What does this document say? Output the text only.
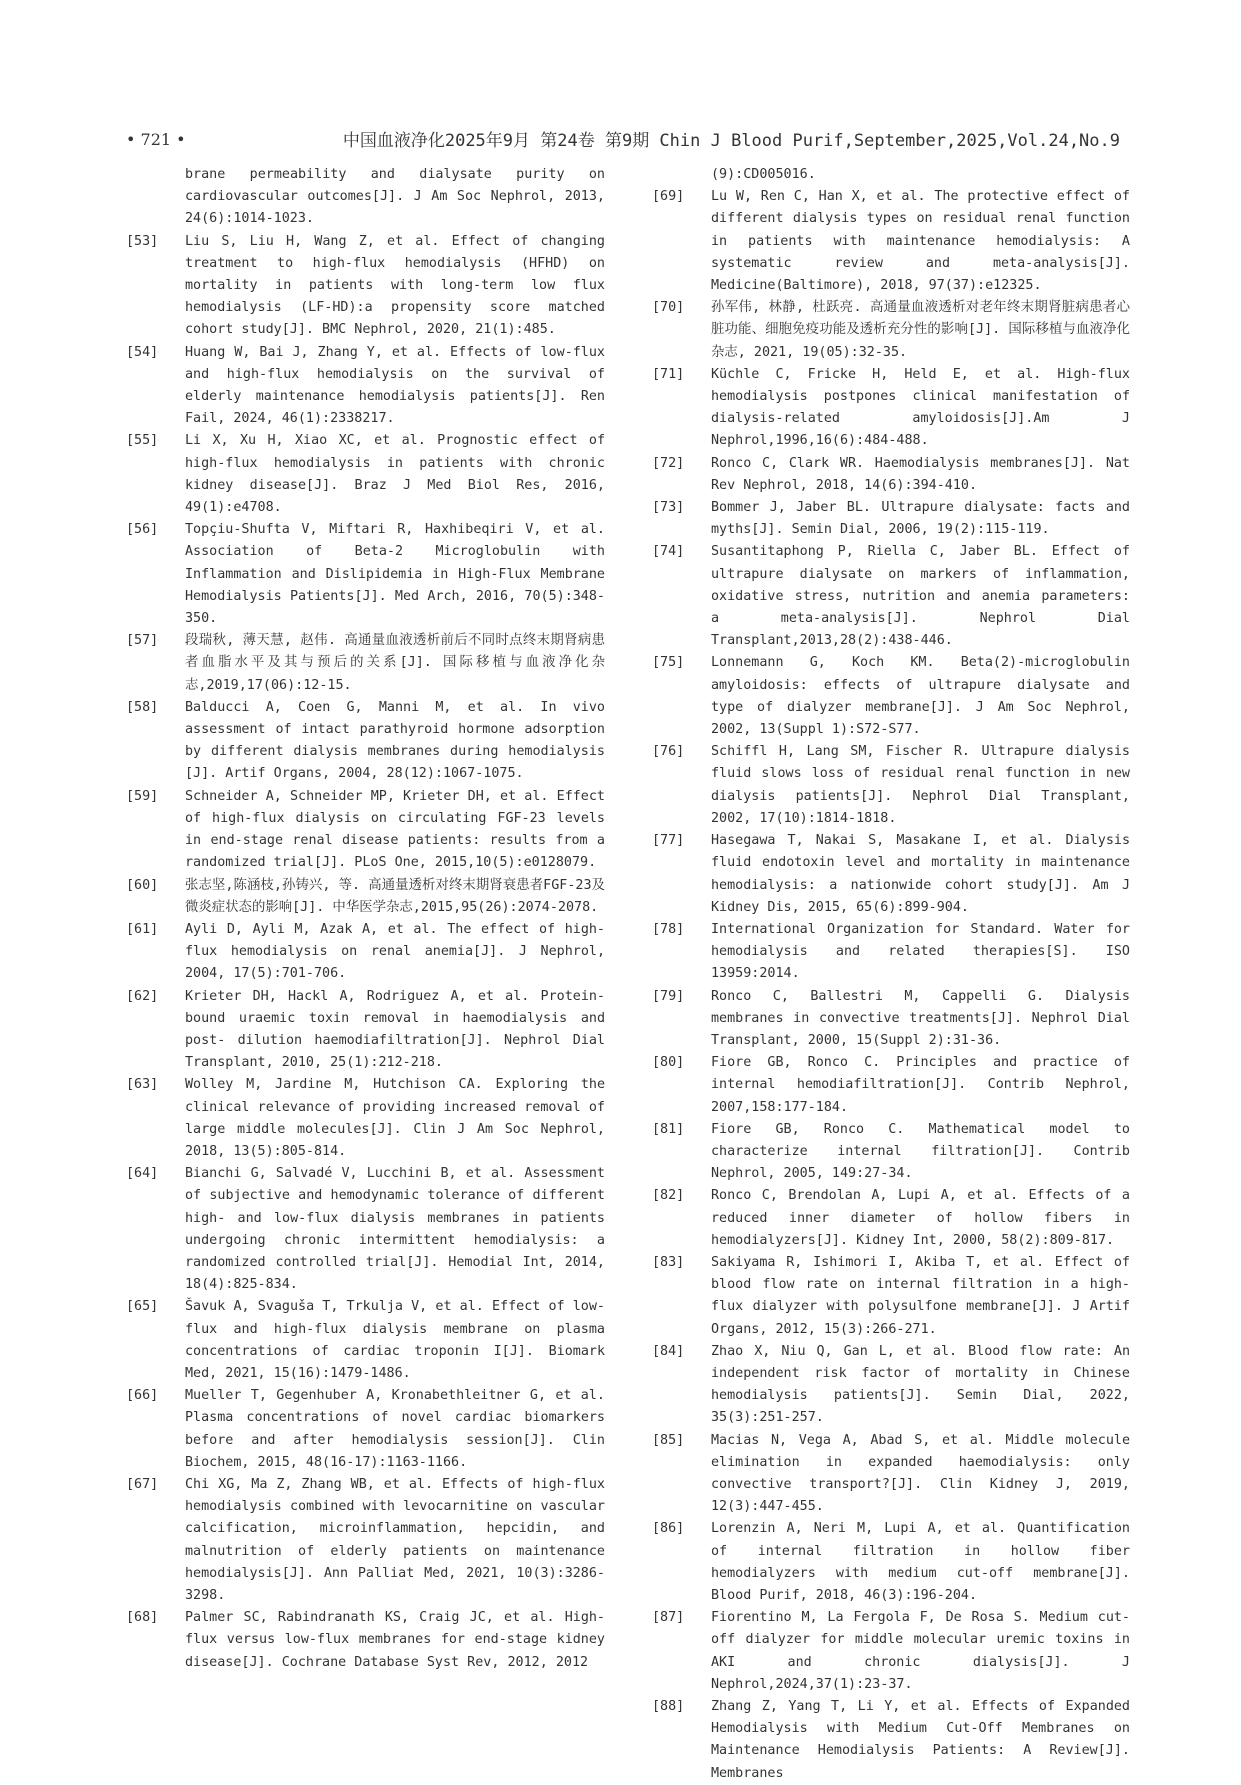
• 721 •	中国血液净化2025年9月 第24卷 第9期 Chin J Blood Purif,September,2025,Vol.24,No.9
brane permeability and dialysate purity on cardiovascular outcomes[J]. J Am Soc Nephrol, 2013, 24(6):1014-1023.
[53]	Liu S, Liu H, Wang Z, et al. Effect of changing treatment to high-flux hemodialysis (HFHD) on mortality in patients with long-term low flux hemodialysis (LF-HD):a propensity score matched cohort study[J]. BMC Nephrol, 2020, 21(1):485.
[54]	Huang W, Bai J, Zhang Y, et al. Effects of low-flux and high-flux hemodialysis on the survival of elderly maintenance hemodialysis patients[J]. Ren Fail, 2024, 46(1):2338217.
[55]	Li X, Xu H, Xiao XC, et al. Prognostic effect of high-flux hemodialysis in patients with chronic kidney disease[J]. Braz J Med Biol Res, 2016, 49(1):e4708.
[56]	Topçiu-Shufta V, Miftari R, Haxhibeqiri V, et al. Association of Beta-2 Microglobulin with Inflammation and Dislipidemia in High-Flux Membrane Hemodialysis Patients[J]. Med Arch, 2016, 70(5):348-350.
[57]	段瑞秋, 薄天慧, 赵伟. 高通量血液透析前后不同时点终末期肾病患者血脂水平及其与预后的关系[J]. 国际移植与血液净化杂志,2019,17(06):12-15.
[58]	Balducci A, Coen G, Manni M, et al. In vivo assessment of intact parathyroid hormone adsorption by different dialysis membranes during hemodialysis [J]. Artif Organs, 2004, 28(12):1067-1075.
[59]	Schneider A, Schneider MP, Krieter DH, et al. Effect of high-flux dialysis on circulating FGF-23 levels in end-stage renal disease patients: results from a randomized trial[J]. PLoS One, 2015,10(5):e0128079.
[60]	张志坚,陈涵枝,孙铸兴, 等. 高通量透析对终末期肾衰患者FGF-23及微炎症状态的影响[J]. 中华医学杂志,2015,95(26):2074-2078.
[61]	Ayli D, Ayli M, Azak A, et al. The effect of high-flux hemodialysis on renal anemia[J]. J Nephrol, 2004, 17(5):701-706.
[62]	Krieter DH, Hackl A, Rodriguez A, et al. Protein-bound uraemic toxin removal in haemodialysis and post- dilution haemodiafiltration[J]. Nephrol Dial Transplant, 2010, 25(1):212-218.
[63]	Wolley M, Jardine M, Hutchison CA. Exploring the clinical relevance of providing increased removal of large middle molecules[J]. Clin J Am Soc Nephrol, 2018, 13(5):805-814.
[64]	Bianchi G, Salvadé V, Lucchini B, et al. Assessment of subjective and hemodynamic tolerance of different high- and low-flux dialysis membranes in patients undergoing chronic intermittent hemodialysis: a randomized controlled trial[J]. Hemodial Int, 2014, 18(4):825-834.
[65]	Šavuk A, Svaguša T, Trkulja V, et al. Effect of low-flux and high-flux dialysis membrane on plasma concentrations of cardiac troponin I[J]. Biomark Med, 2021, 15(16):1479-1486.
[66]	Mueller T, Gegenhuber A, Kronabethleitner G, et al. Plasma concentrations of novel cardiac biomarkers before and after hemodialysis session[J]. Clin Biochem, 2015, 48(16-17):1163-1166.
[67]	Chi XG, Ma Z, Zhang WB, et al. Effects of high-flux hemodialysis combined with levocarnitine on vascular calcification, microinflammation, hepcidin, and malnutrition of elderly patients on maintenance hemodialysis[J]. Ann Palliat Med, 2021, 10(3):3286-3298.
[68]	Palmer SC, Rabindranath KS, Craig JC, et al. High-flux versus low-flux membranes for end-stage kidney disease[J]. Cochrane Database Syst Rev, 2012, 2012
(9):CD005016.
[69]	Lu W, Ren C, Han X, et al. The protective effect of different dialysis types on residual renal function in patients with maintenance hemodialysis: A systematic review and meta-analysis[J]. Medicine(Baltimore), 2018, 97(37):e12325.
[70]	孙军伟, 林静, 杜跃亮. 高通量血液透析对老年终末期肾脏病患者心脏功能、细胞免疫功能及透析充分性的影响[J]. 国际移植与血液净化杂志, 2021, 19(05):32-35.
[71]	Küchle C, Fricke H, Held E, et al. High-flux hemodialysis postpones clinical manifestation of dialysis-related amyloidosis[J].Am J Nephrol,1996,16(6):484-488.
[72]	Ronco C, Clark WR. Haemodialysis membranes[J]. Nat Rev Nephrol, 2018, 14(6):394-410.
[73]	Bommer J, Jaber BL. Ultrapure dialysate: facts and myths[J]. Semin Dial, 2006, 19(2):115-119.
[74]	Susantitaphong P, Riella C, Jaber BL. Effect of ultrapure dialysate on markers of inflammation, oxidative stress, nutrition and anemia parameters: a meta-analysis[J]. Nephrol Dial Transplant,2013,28(2):438-446.
[75]	Lonnemann G, Koch KM. Beta(2)-microglobulin amyloidosis: effects of ultrapure dialysate and type of dialyzer membrane[J]. J Am Soc Nephrol, 2002, 13(Suppl 1):S72-S77.
[76]	Schiffl H, Lang SM, Fischer R. Ultrapure dialysis fluid slows loss of residual renal function in new dialysis patients[J]. Nephrol Dial Transplant, 2002, 17(10):1814-1818.
[77]	Hasegawa T, Nakai S, Masakane I, et al. Dialysis fluid endotoxin level and mortality in maintenance hemodialysis: a nationwide cohort study[J]. Am J Kidney Dis, 2015, 65(6):899-904.
[78]	International Organization for Standard. Water for hemodialysis and related therapies[S]. ISO 13959:2014.
[79]	Ronco C, Ballestri M, Cappelli G. Dialysis membranes in convective treatments[J]. Nephrol Dial Transplant, 2000, 15(Suppl 2):31-36.
[80]	Fiore GB, Ronco C. Principles and practice of internal hemodiafiltration[J]. Contrib Nephrol, 2007,158:177-184.
[81]	Fiore GB, Ronco C. Mathematical model to characterize internal filtration[J]. Contrib Nephrol, 2005, 149:27-34.
[82]	Ronco C, Brendolan A, Lupi A, et al. Effects of a reduced inner diameter of hollow fibers in hemodialyzers[J]. Kidney Int, 2000, 58(2):809-817.
[83]	Sakiyama R, Ishimori I, Akiba T, et al. Effect of blood flow rate on internal filtration in a high-flux dialyzer with polysulfone membrane[J]. J Artif Organs, 2012, 15(3):266-271.
[84]	Zhao X, Niu Q, Gan L, et al. Blood flow rate: An independent risk factor of mortality in Chinese hemodialysis patients[J]. Semin Dial, 2022, 35(3):251-257.
[85]	Macias N, Vega A, Abad S, et al. Middle molecule elimination in expanded haemodialysis: only convective transport?[J]. Clin Kidney J, 2019, 12(3):447-455.
[86]	Lorenzin A, Neri M, Lupi A, et al. Quantification of internal filtration in hollow fiber hemodialyzers with medium cut-off membrane[J]. Blood Purif, 2018, 46(3):196-204.
[87]	Fiorentino M, La Fergola F, De Rosa S. Medium cut-off dialyzer for middle molecular uremic toxins in AKI and chronic dialysis[J]. J Nephrol,2024,37(1):23-37.
[88]	Zhang Z, Yang T, Li Y, et al. Effects of Expanded Hemodialysis with Medium Cut-Off Membranes on Maintenance Hemodialysis Patients: A Review[J]. Membranes
